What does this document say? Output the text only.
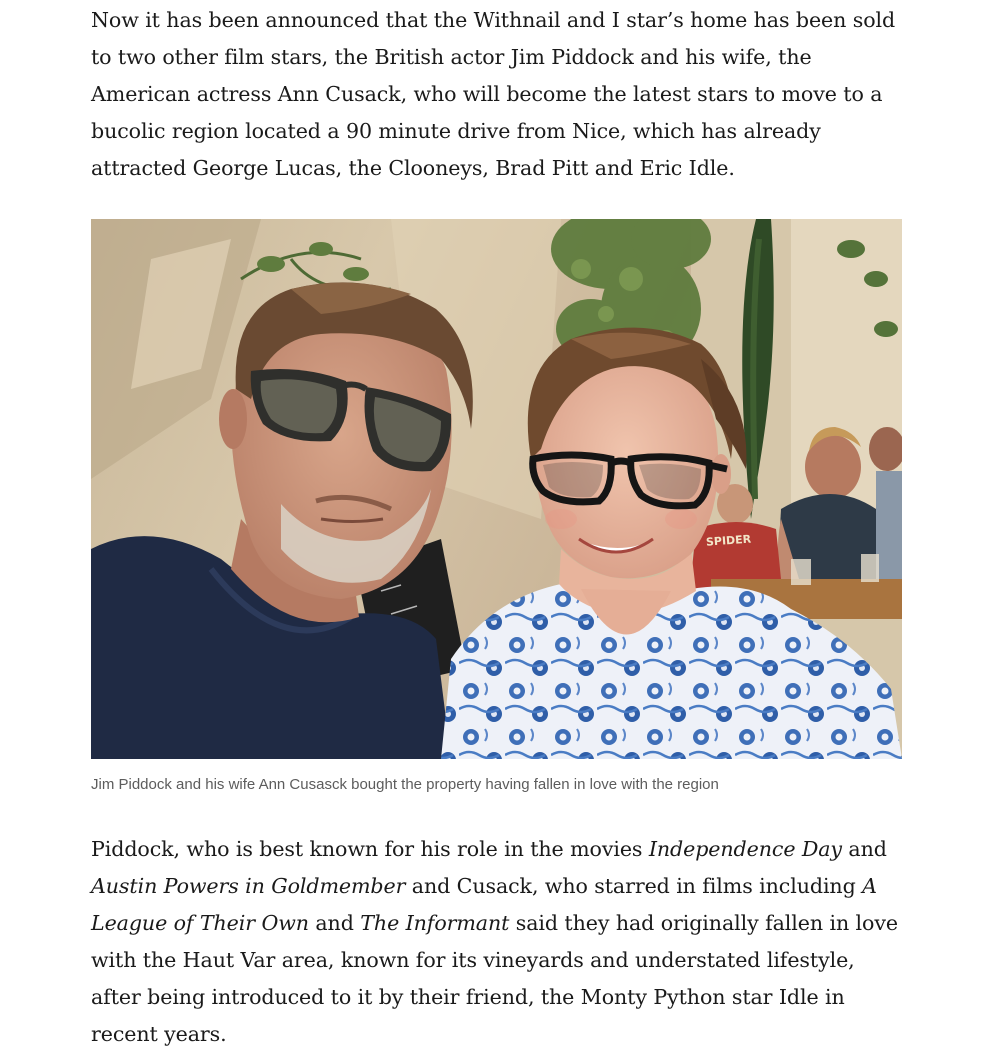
Now it has been announced that the Withnail and I star’s home has been sold to two other film stars, the British actor Jim Piddock and his wife, the American actress Ann Cusack, who will become the latest stars to move to a bucolic region located a 90 minute drive from Nice, which has already attracted George Lucas, the Clooneys, Brad Pitt and Eric Idle.

SPIDER
Jim Piddock and his wife Ann Cusasck bought the property having fallen in love with the region

Piddock, who is best known for his role in the movies Independence Day and
Austin Powers in Goldmember and Cusack, who starred in films including A League of Their Own and The Informant said they had originally fallen in love with the Haut Var area, known for its vineyards and understated lifestyle, after being introduced to it by their friend, the Monty Python star Idle in recent years.
